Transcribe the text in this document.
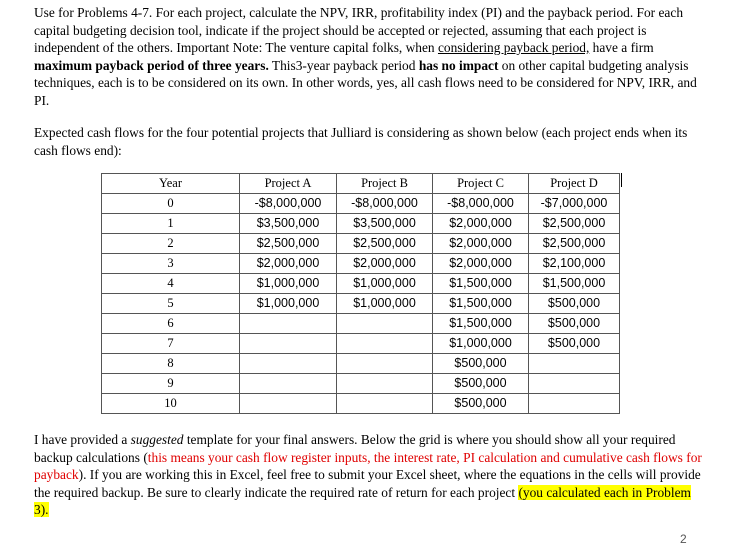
Use for Problems 4-7. For each project, calculate the NPV, IRR, profitability index (PI) and the payback period. For each capital budgeting decision tool, indicate if the project should be accepted or rejected, assuming that each project is independent of the others. Important Note: The venture capital folks, when considering payback period, have a firm maximum payback period of three years. This3-year payback period has no impact on other capital budgeting analysis techniques, each is to be considered on its own. In other words, yes, all cash flows need to be considered for NPV, IRR, and PI.
Expected cash flows for the four potential projects that Julliard is considering as shown below (each project ends when its cash flows end):
Year	Project A	Project B	Project C	Project D
0	-$8,000,000	-$8,000,000	-$8,000,000	-$7,000,000
1	$3,500,000	$3,500,000	$2,000,000	$2,500,000
2	$2,500,000	$2,500,000	$2,000,000	$2,500,000
3	$2,000,000	$2,000,000	$2,000,000	$2,100,000
4	$1,000,000	$1,000,000	$1,500,000	$1,500,000
5	$1,000,000	$1,000,000	$1,500,000	$500,000
6			$1,500,000	$500,000
7			$1,000,000	$500,000
8			$500,000	
9			$500,000	
10			$500,000	
I have provided a suggested template for your final answers. Below the grid is where you should show all your required backup calculations (this means your cash flow register inputs, the interest rate, PI calculation and cumulative cash flows for payback). If you are working this in Excel, feel free to submit your Excel sheet, where the equations in the cells will provide the required backup. Be sure to clearly indicate the required rate of return for each project (you calculated each in Problem 3).
2
